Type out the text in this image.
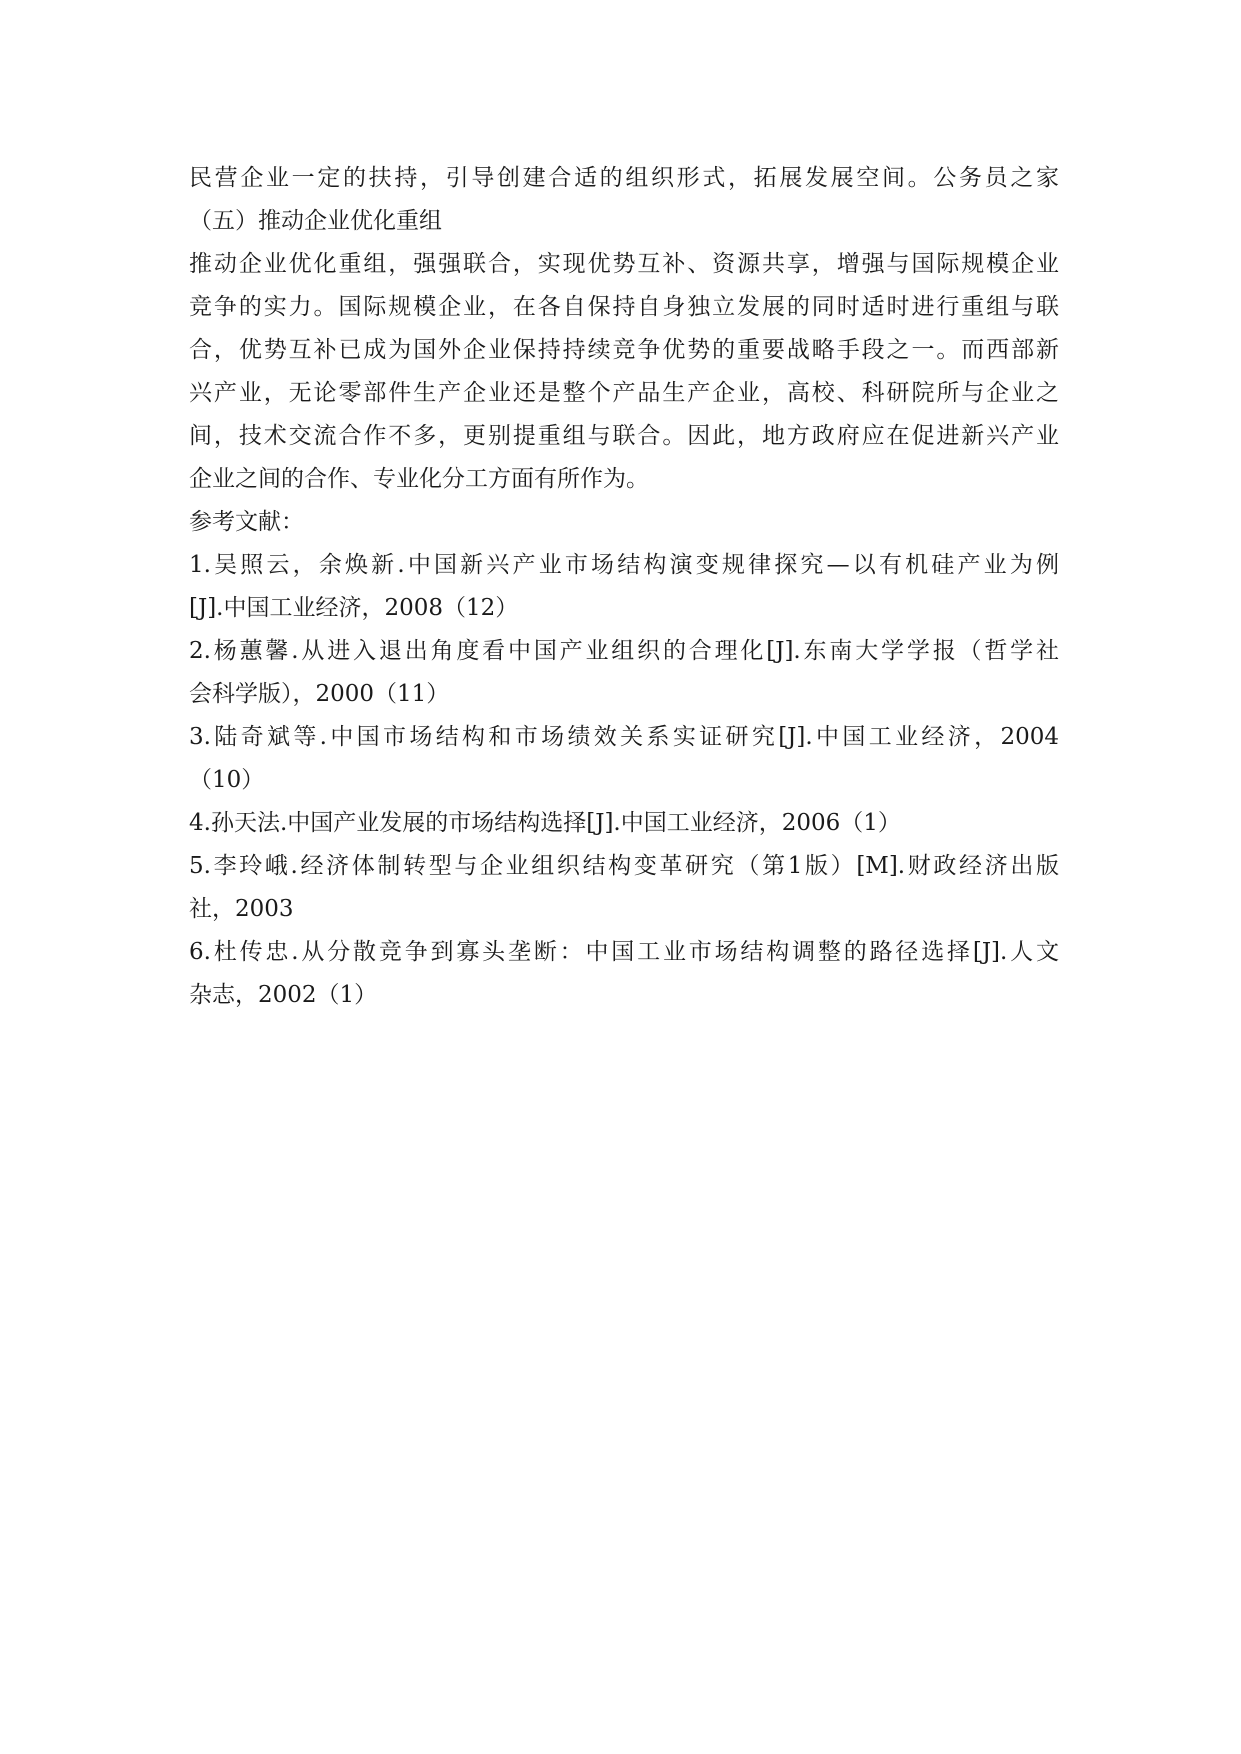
民营企业一定的扶持，引导创建合适的组织形式，拓展发展空间。公务员之家
（五）推动企业优化重组
推动企业优化重组，强强联合，实现优势互补、资源共享，增强与国际规模企业
竞争的实力。国际规模企业，在各自保持自身独立发展的同时适时进行重组与联
合，优势互补已成为国外企业保持持续竞争优势的重要战略手段之一。而西部新
兴产业，无论零部件生产企业还是整个产品生产企业，高校、科研院所与企业之
间，技术交流合作不多，更别提重组与联合。因此，地方政府应在促进新兴产业
企业之间的合作、专业化分工方面有所作为。
参考文献：
1.吴照云，余焕新.中国新兴产业市场结构演变规律探究—以有机硅产业为例
[J].中国工业经济，2008（12）
2.杨蕙馨.从进入退出角度看中国产业组织的合理化[J].东南大学学报（哲学社
会科学版），2000（11）
3.陆奇斌等.中国市场结构和市场绩效关系实证研究[J].中国工业经济，2004
（10）
4.孙天法.中国产业发展的市场结构选择[J].中国工业经济，2006（1）
5.李玲峨.经济体制转型与企业组织结构变革研究（第1版）[M].财政经济出版
社，2003
6.杜传忠.从分散竞争到寡头垄断：中国工业市场结构调整的路径选择[J].人文
杂志，2002（1）
